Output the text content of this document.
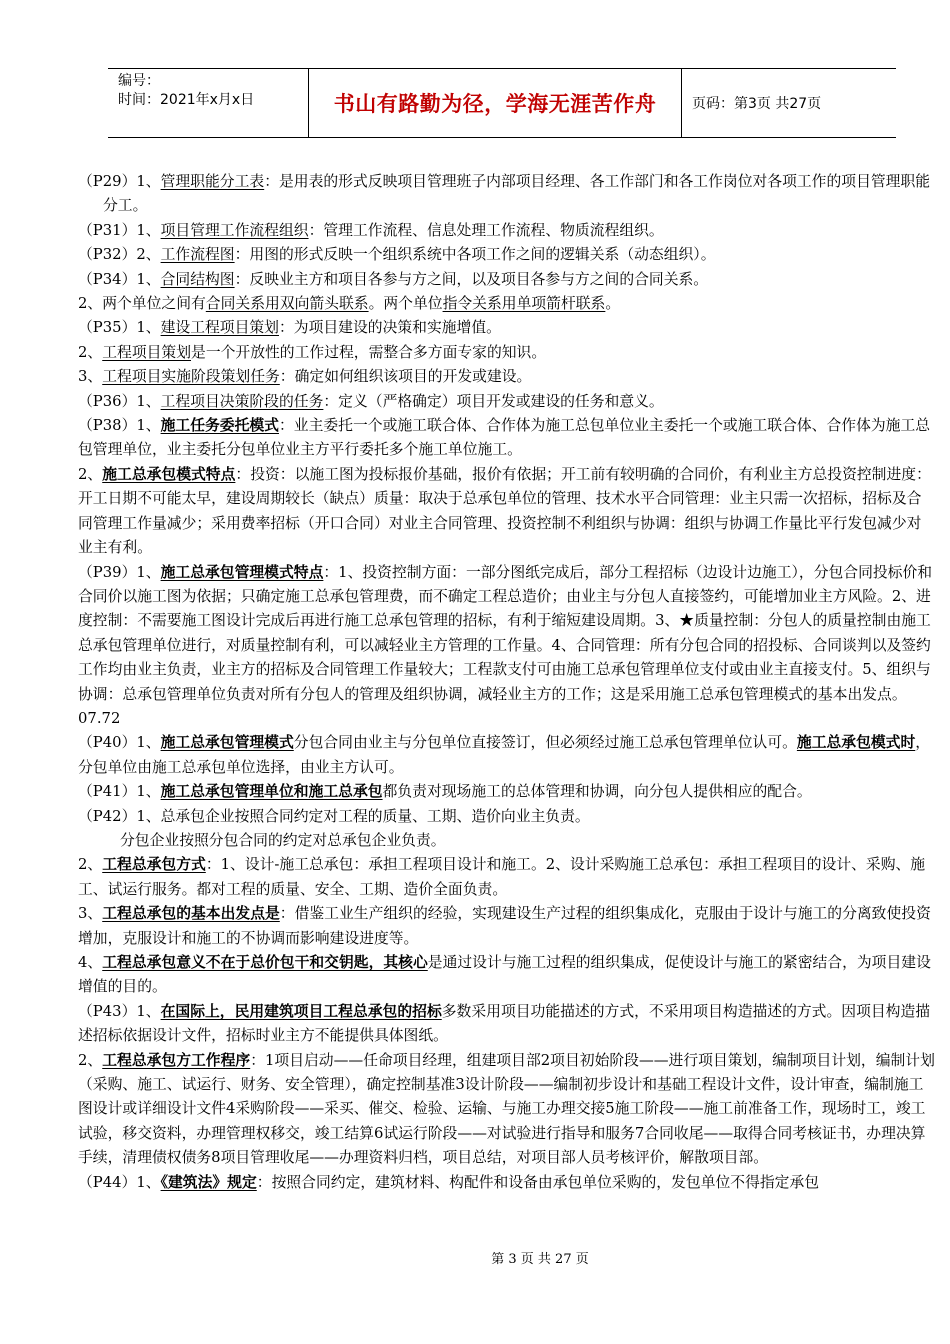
编号：
时间：2021年x月x日	书山有路勤为径，学海无涯苦作舟	页码：第3页 共27页

（P29）1、管理职能分工表：是用表的形式反映项目管理班子内部项目经理、各工作部门和各工作岗位对各项工作的项目管理职能分工。

（P31）1、项目管理工作流程组织：管理工作流程、信息处理工作流程、物质流程组织。

（P32）2、工作流程图：用图的形式反映一个组织系统中各项工作之间的逻辑关系（动态组织）。

（P34）1、合同结构图：反映业主方和项目各参与方之间，以及项目各参与方之间的合同关系。

2、两个单位之间有合同关系用双向箭头联系。两个单位指令关系用单项箭杆联系。

（P35）1、建设工程项目策划：为项目建设的决策和实施增值。

2、工程项目策划是一个开放性的工作过程，需整合多方面专家的知识。

3、工程项目实施阶段策划任务：确定如何组织该项目的开发或建设。

（P36）1、工程项目决策阶段的任务：定义（严格确定）项目开发或建设的任务和意义。

（P38）1、施工任务委托模式：业主委托一个或施工联合体、合作体为施工总包单位业主委托一个或施工联合体、合作体为施工总包管理单位，业主委托分包单位业主方平行委托多个施工单位施工。

2、施工总承包模式特点：投资：以施工图为投标报价基础，报价有依据；开工前有较明确的合同价，有利业主方总投资控制进度：开工日期不可能太早，建设周期较长（缺点）质量：取决于总承包单位的管理、技术水平合同管理：业主只需一次招标，招标及合同管理工作量减少；采用费率招标（开口合同）对业主合同管理、投资控制不利组织与协调：组织与协调工作量比平行发包减少对业主有利。

（P39）1、施工总承包管理模式特点：1、投资控制方面：一部分图纸完成后，部分工程招标（边设计边施工），分包合同投标价和合同价以施工图为依据；只确定施工总承包管理费，而不确定工程总造价；由业主与分包人直接签约，可能增加业主方风险。2、进度控制：不需要施工图设计完成后再进行施工总承包管理的招标，有利于缩短建设周期。3、★质量控制：分包人的质量控制由施工总承包管理单位进行，对质量控制有利，可以减轻业主方管理的工作量。4、合同管理：所有分包合同的招投标、合同谈判以及签约工作均由业主负责，业主方的招标及合同管理工作量较大；工程款支付可由施工总承包管理单位支付或由业主直接支付。5、组织与协调：总承包管理单位负责对所有分包人的管理及组织协调，减轻业主方的工作；这是采用施工总承包管理模式的基本出发点。07.72

（P40）1、施工总承包管理模式分包合同由业主与分包单位直接签订，但必须经过施工总承包管理单位认可。施工总承包模式时，分包单位由施工总承包单位选择，由业主方认可。

（P41）1、施工总承包管理单位和施工总承包都负责对现场施工的总体管理和协调，向分包人提供相应的配合。

（P42）1、总承包企业按照合同约定对工程的质量、工期、造价向业主负责。

分包企业按照分包合同的约定对总承包企业负责。

2、工程总承包方式：1、设计-施工总承包：承担工程项目设计和施工。2、设计采购施工总承包：承担工程项目的设计、采购、施工、试运行服务。都对工程的质量、安全、工期、造价全面负责。

3、工程总承包的基本出发点是：借鉴工业生产组织的经验，实现建设生产过程的组织集成化，克服由于设计与施工的分离致使投资增加，克服设计和施工的不协调而影响建设进度等。

4、工程总承包意义不在于总价包干和交钥匙，其核心是通过设计与施工过程的组织集成，促使设计与施工的紧密结合，为项目建设增值的目的。

（P43）1、在国际上，民用建筑项目工程总承包的招标多数采用项目功能描述的方式，不采用项目构造描述的方式。因项目构造描述招标依据设计文件，招标时业主方不能提供具体图纸。

2、工程总承包方工作程序：1项目启动——任命项目经理，组建项目部2项目初始阶段——进行项目策划，编制项目计划，编制计划（采购、施工、试运行、财务、安全管理），确定控制基准3设计阶段——编制初步设计和基础工程设计文件，设计审查，编制施工图设计或详细设计文件4采购阶段——采买、催交、检验、运输、与施工办理交接5施工阶段——施工前准备工作，现场时工，竣工试验，移交资料，办理管理权移交，竣工结算6试运行阶段——对试验进行指导和服务7合同收尾——取得合同考核证书，办理决算手续，清理债权债务8项目管理收尾——办理资料归档，项目总结，对项目部人员考核评价，解散项目部。

（P44）1、《建筑法》规定：按照合同约定，建筑材料、构配件和设备由承包单位采购的，发包单位不得指定承包

第 3 页 共 27 页
